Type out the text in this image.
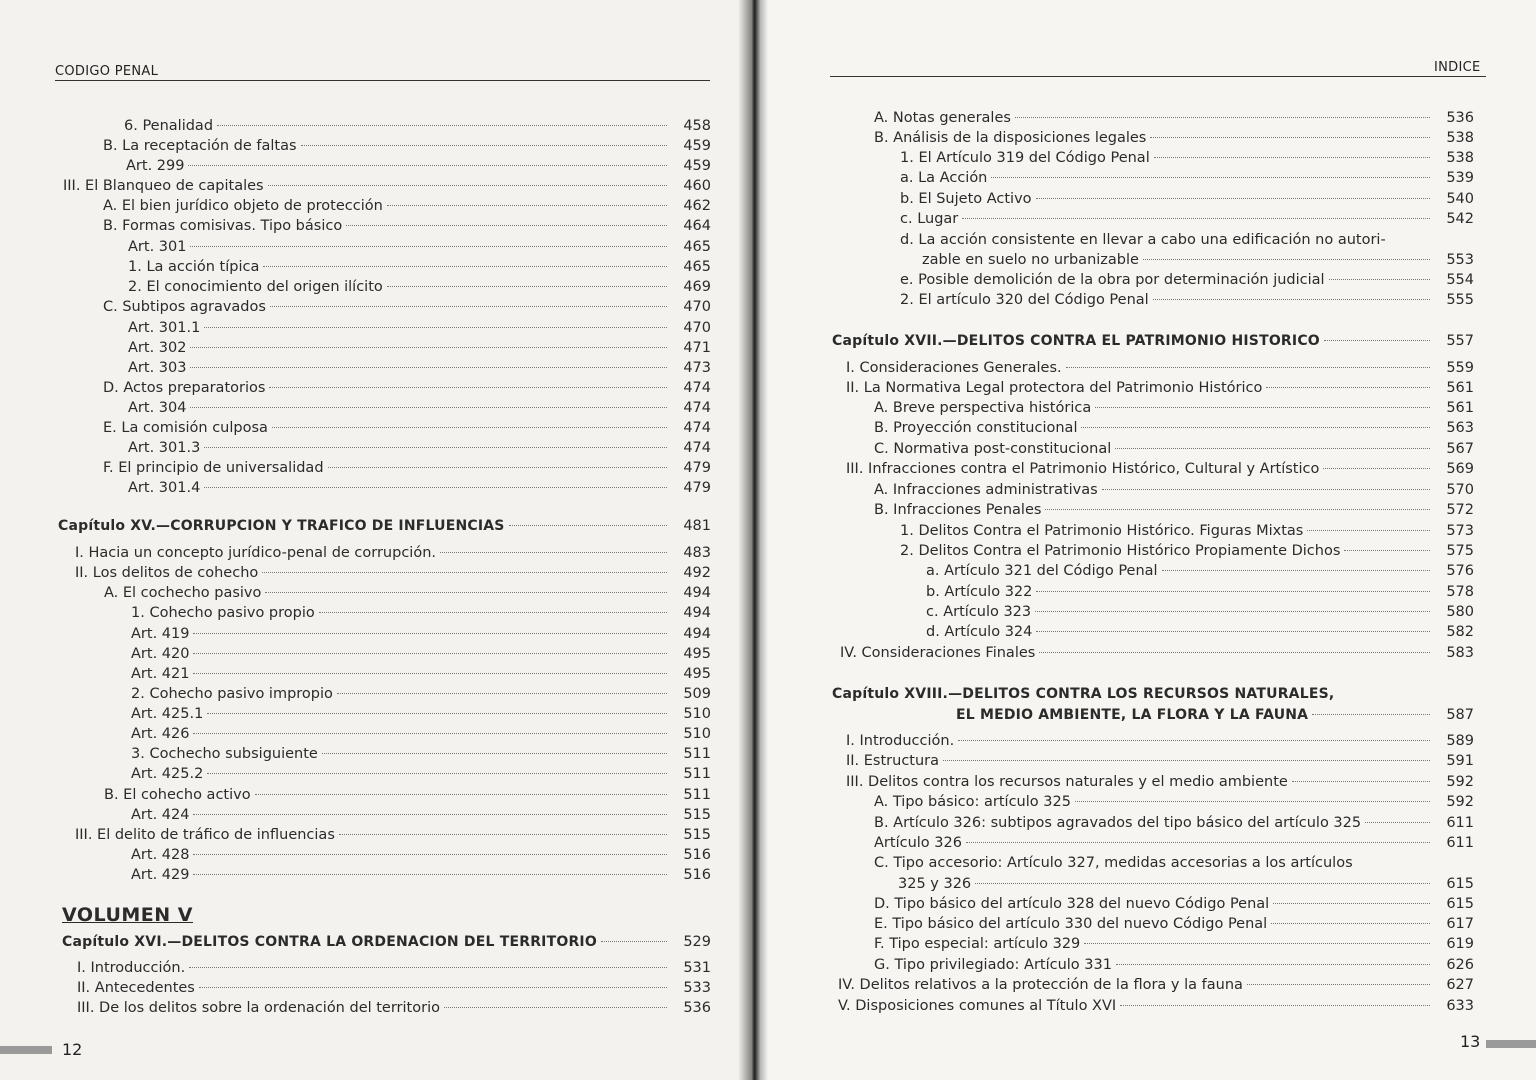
CODIGO PENAL
6. Penalidad	458
B. La receptación de faltas	459
Art. 299	459
III. El Blanqueo de capitales	460
A. El bien jurídico objeto de protección	462
B. Formas comisivas. Tipo básico	464
Art. 301	465
1. La acción típica	465
2. El conocimiento del origen ilícito	469
C. Subtipos agravados	470
Art. 301.1	470
Art. 302	471
Art. 303	473
D. Actos preparatorios	474
Art. 304	474
E. La comisión culposa	474
Art. 301.3	474
F. El principio de universalidad	479
Art. 301.4	479
Capítulo XV.—CORRUPCION Y TRAFICO DE INFLUENCIAS	481
I. Hacia un concepto jurídico-penal de corrupción.	483
II. Los delitos de cohecho	492
A. El cochecho pasivo	494
1. Cohecho pasivo propio	494
Art. 419	494
Art. 420	495
Art. 421	495
2. Cohecho pasivo impropio	509
Art. 425.1	510
Art. 426	510
3. Cochecho subsiguiente	511
Art. 425.2	511
B. El cohecho activo	511
Art. 424	515
III. El delito de tráfico de influencias	515
Art. 428	516
Art. 429	516
VOLUMEN V
Capítulo XVI.—DELITOS CONTRA LA ORDENACION DEL TERRITORIO	529
I. Introducción.	531
II. Antecedentes	533
III. De los delitos sobre la ordenación del territorio	536
12
INDICE
A. Notas generales	536
B. Análisis de la disposiciones legales	538
1. El Artículo 319 del Código Penal	538
a. La Acción	539
b. El Sujeto Activo	540
c. Lugar	542
d. La acción consistente en llevar a cabo una edificación no autori-
zable en suelo no urbanizable	553
e. Posible demolición de la obra por determinación judicial	554
2. El artículo 320 del Código Penal	555
Capítulo XVII.—DELITOS CONTRA EL PATRIMONIO HISTORICO	557
I. Consideraciones Generales.	559
II. La Normativa Legal protectora del Patrimonio Histórico	561
A. Breve perspectiva histórica	561
B. Proyección constitucional	563
C. Normativa post-constitucional	567
III. Infracciones contra el Patrimonio Histórico, Cultural y Artístico	569
A. Infracciones administrativas	570
B. Infracciones Penales	572
1. Delitos Contra el Patrimonio Histórico. Figuras Mixtas	573
2. Delitos Contra el Patrimonio Histórico Propiamente Dichos	575
a. Artículo 321 del Código Penal	576
b. Artículo 322	578
c. Artículo 323	580
d. Artículo 324	582
IV. Consideraciones Finales	583
Capítulo XVIII.—DELITOS CONTRA LOS RECURSOS NATURALES,
EL MEDIO AMBIENTE, LA FLORA Y LA FAUNA	587
I. Introducción.	589
II. Estructura	591
III. Delitos contra los recursos naturales y el medio ambiente	592
A. Tipo básico: artículo 325	592
B. Artículo 326: subtipos agravados del tipo básico del artículo 325	611
Artículo 326	611
C. Tipo accesorio: Artículo 327, medidas accesorias a los artículos
325 y 326	615
D. Tipo básico del artículo 328 del nuevo Código Penal	615
E. Tipo básico del artículo 330 del nuevo Código Penal	617
F. Tipo especial: artículo 329	619
G. Tipo privilegiado: Artículo 331	626
IV. Delitos relativos a la protección de la flora y la fauna	627
V. Disposiciones comunes al Título XVI	633
13
